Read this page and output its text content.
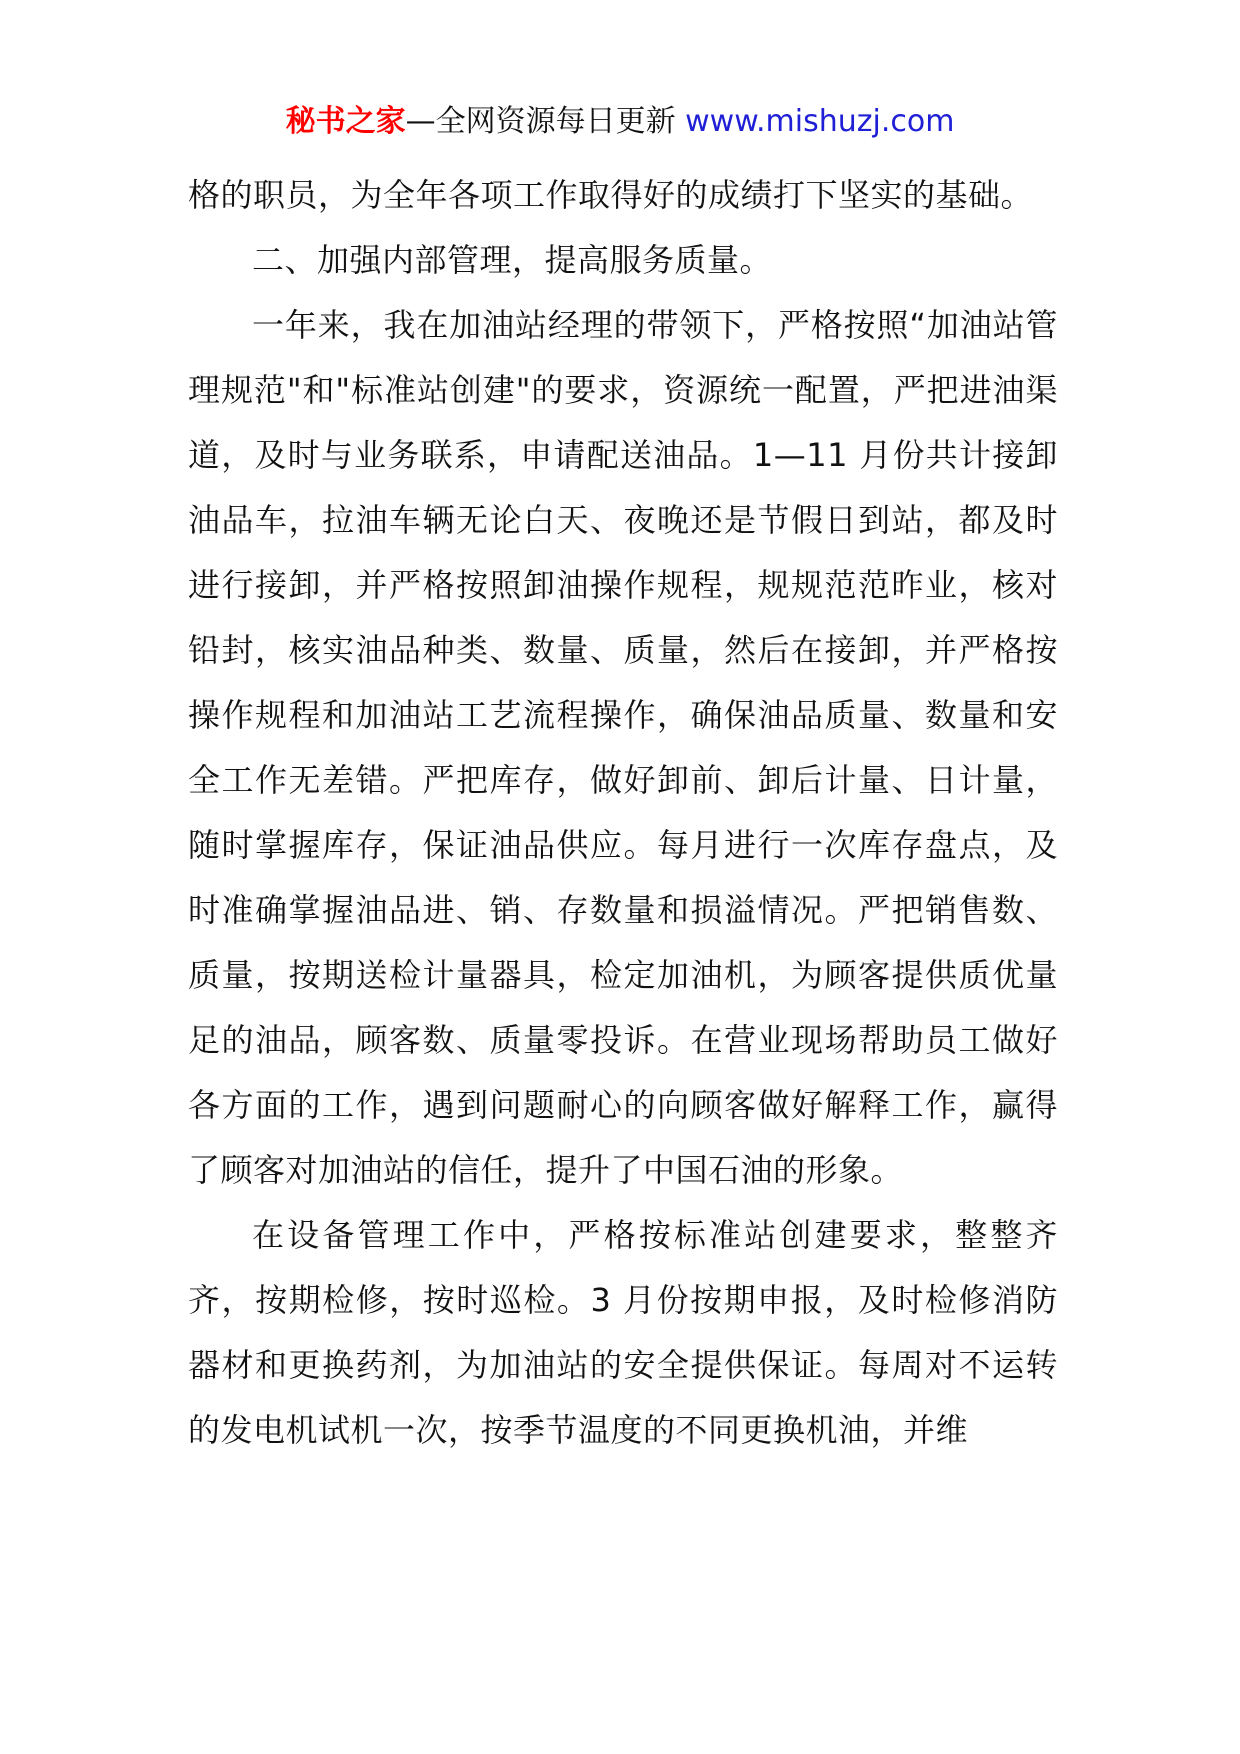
秘书之家—全网资源每日更新 www.mishuzj.com

格的职员，为全年各项工作取得好的成绩打下坚实的基础。

二、加强内部管理，提高服务质量。

一年来，我在加油站经理的带领下，严格按照“加油站管理规范"和"标准站创建"的要求，资源统一配置，严把进油渠道，及时与业务联系，申请配送油品。1—11 月份共计接卸油品车，拉油车辆无论白天、夜晚还是节假日到站，都及时进行接卸，并严格按照卸油操作规程，规规范范昨业，核对铅封，核实油品种类、数量、质量，然后在接卸，并严格按操作规程和加油站工艺流程操作，确保油品质量、数量和安全工作无差错。严把库存，做好卸前、卸后计量、日计量，随时掌握库存，保证油品供应。每月进行一次库存盘点，及时准确掌握油品进、销、存数量和损溢情况。严把销售数、质量，按期送检计量器具，检定加油机，为顾客提供质优量足的油品，顾客数、质量零投诉。在营业现场帮助员工做好各方面的工作，遇到问题耐心的向顾客做好解释工作，赢得了顾客对加油站的信任，提升了中国石油的形象。

在设备管理工作中，严格按标准站创建要求，整整齐齐，按期检修，按时巡检。3 月份按期申报，及时检修消防器材和更换药剂，为加油站的安全提供保证。每周对不运转的发电机试机一次，按季节温度的不同更换机油，并维
